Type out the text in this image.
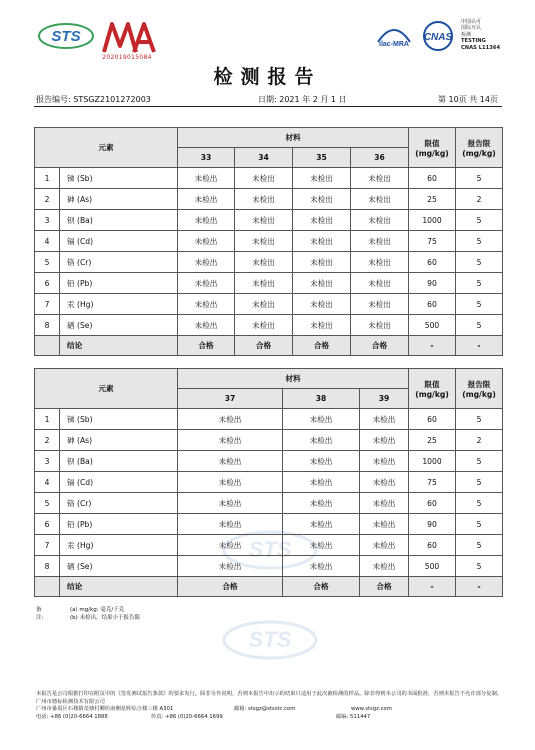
STS
202019015084
ilac-MRA
CNAS
中国认可
国际互认
检测

TESTING
CNAS L11364
检测报告
报告编号: STSGZ2101272003	日期: 2021 年 2 月 1 日	第 10页 共 14页
STS
STS
元素		材料				限值
(mg/kg)	报告限
(mg/kg)
		33	34	35	36		
1	锑 (Sb)	未检出	未检出	未检出	未检出	60	5
2	砷 (As)	未检出	未检出	未检出	未检出	25	2
3	钡 (Ba)	未检出	未检出	未检出	未检出	1000	5
4	镉 (Cd)	未检出	未检出	未检出	未检出	75	5
5	铬 (Cr)	未检出	未检出	未检出	未检出	60	5
6	铅 (Pb)	未检出	未检出	未检出	未检出	90	5
7	汞 (Hg)	未检出	未检出	未检出	未检出	60	5
8	硒 (Se)	未检出	未检出	未检出	未检出	500	5
	结论	合格	合格	合格	合格	-	-
元素		材料			限值
(mg/kg)	报告限
(mg/kg)
		37	38	39		
1	锑 (Sb)	未检出	未检出	未检出	60	5
2	砷 (As)	未检出	未检出	未检出	25	2
3	钡 (Ba)	未检出	未检出	未检出	1000	5
4	镉 (Cd)	未检出	未检出	未检出	75	5
5	铬 (Cr)	未检出	未检出	未检出	60	5
6	铅 (Pb)	未检出	未检出	未检出	90	5
7	汞 (Hg)	未检出	未检出	未检出	60	5
8	硒 (Se)	未检出	未检出	未检出	500	5
	结论	合格	合格	合格	-	-
备注:
(a) mg/kg: 毫克/千克
(b) 未检出，结果小于报告限
本报告是公司根据打印在附页中的《签发测试报告条款》的要求发行。除非另作说明，否则本报告中出示的结果只适用于此次被检测的样品。除非得到本公司的书面批准，否则本报告不允许部分复制。
广州市德标检测技术有限公司
广州市番禺区石楼镇茭塘村卿坊南侧星晖综合楼三楼 A301	邮箱: stsgz@stsstc.com	www.stsgz.com
电话: +86 (0)20-6664 1888	传真: +86 (0)20-6664 1699	邮编: 511447
